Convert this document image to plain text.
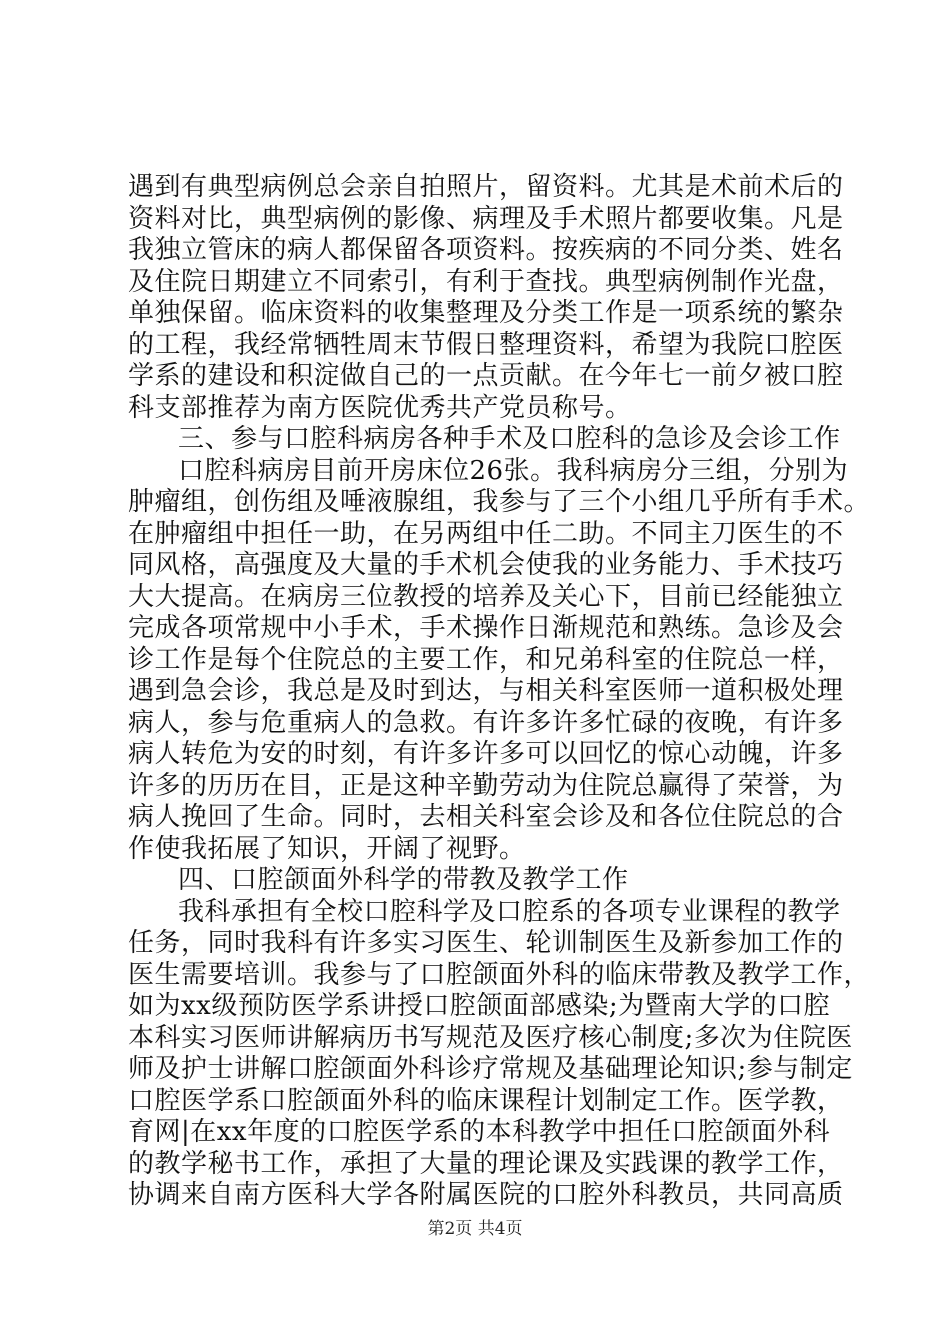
遇到有典型病例总会亲自拍照片，留资料。尤其是术前术后的
资料对比，典型病例的影像、病理及手术照片都要收集。凡是
我独立管床的病人都保留各项资料。按疾病的不同分类、姓名
及住院日期建立不同索引，有利于查找。典型病例制作光盘，
单独保留。临床资料的收集整理及分类工作是一项系统的繁杂
的工程，我经常牺牲周末节假日整理资料，希望为我院口腔医
学系的建设和积淀做自己的一点贡献。在今年七一前夕被口腔
科支部推荐为南方医院优秀共产党员称号。
三、参与口腔科病房各种手术及口腔科的急诊及会诊工作
口腔科病房目前开房床位26张。我科病房分三组，分别为
肿瘤组，创伤组及唾液腺组，我参与了三个小组几乎所有手术。
在肿瘤组中担任一助，在另两组中任二助。不同主刀医生的不
同风格，高强度及大量的手术机会使我的业务能力、手术技巧
大大提高。在病房三位教授的培养及关心下，目前已经能独立
完成各项常规中小手术，手术操作日渐规范和熟练。急诊及会
诊工作是每个住院总的主要工作，和兄弟科室的住院总一样，
遇到急会诊，我总是及时到达，与相关科室医师一道积极处理
病人，参与危重病人的急救。有许多许多忙碌的夜晚，有许多
病人转危为安的时刻，有许多许多可以回忆的惊心动魄，许多
许多的历历在目，正是这种辛勤劳动为住院总赢得了荣誉，为
病人挽回了生命。同时，去相关科室会诊及和各位住院总的合
作使我拓展了知识，开阔了视野。
四、口腔颌面外科学的带教及教学工作
我科承担有全校口腔科学及口腔系的各项专业课程的教学
任务，同时我科有许多实习医生、轮训制医生及新参加工作的
医生需要培训。我参与了口腔颌面外科的临床带教及教学工作，
如为xx级预防医学系讲授口腔颌面部感染;为暨南大学的口腔
本科实习医师讲解病历书写规范及医疗核心制度;多次为住院医
师及护士讲解口腔颌面外科诊疗常规及基础理论知识;参与制定
口腔医学系口腔颌面外科的临床课程计划制定工作。医学教，
育网|在xx年度的口腔医学系的本科教学中担任口腔颌面外科
的教学秘书工作，承担了大量的理论课及实践课的教学工作，
协调来自南方医科大学各附属医院的口腔外科教员，共同高质
第2页 共4页
